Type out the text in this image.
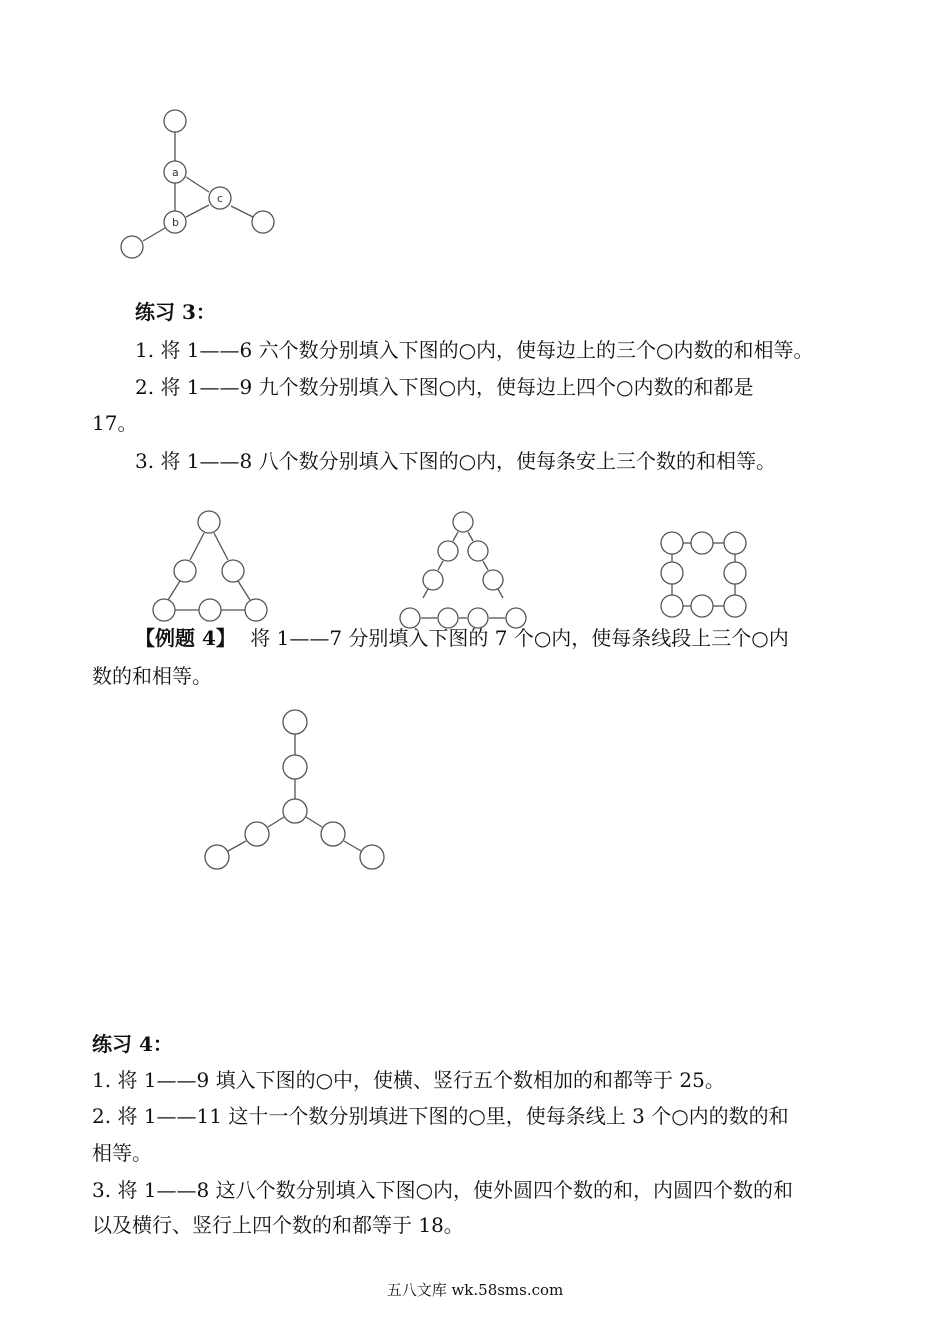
a
b
c
练习 3：
1. 将 1——6 六个数分别填入下图的○内，使每边上的三个○内数的和相等。
2. 将 1——9 九个数分别填入下图○内，使每边上四个○内数的和都是
17。
3. 将 1——8 八个数分别填入下图的○内，使每条安上三个数的和相等。
【例题 4】 将 1——7 分别填入下图的 7 个○内，使每条线段上三个○内
数的和相等。
练习 4：
1. 将 1——9 填入下图的○中，使横、竖行五个数相加的和都等于 25。
2. 将 1——11 这十一个数分别填进下图的○里，使每条线上 3 个○内的数的和
相等。
3. 将 1——8 这八个数分别填入下图○内，使外圆四个数的和，内圆四个数的和
以及横行、竖行上四个数的和都等于 18。
五八文库 wk.58sms.com
